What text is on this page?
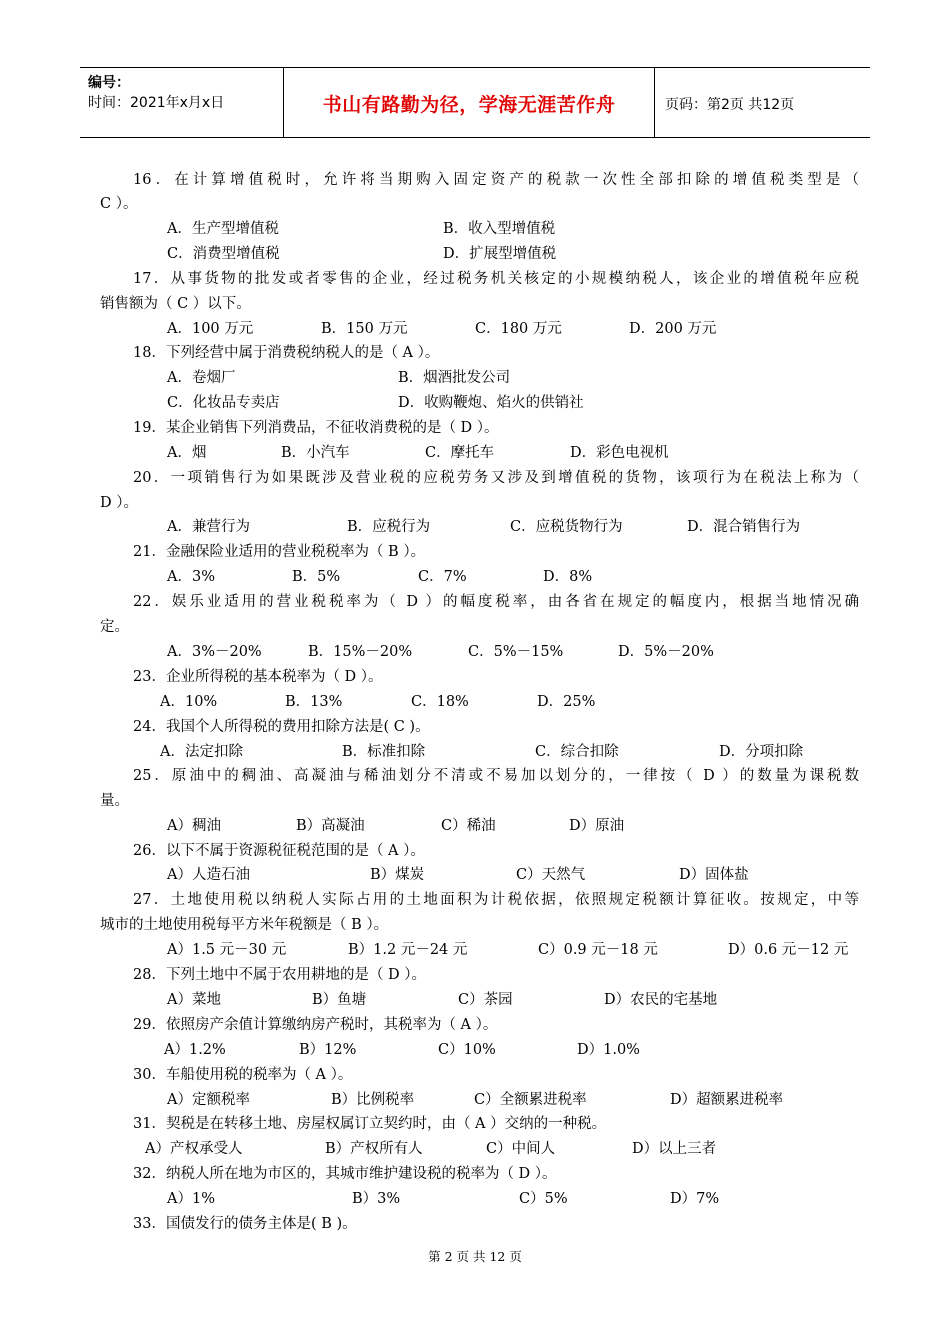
编号：
时间：2021年x月x日	书山有路勤为径，学海无涯苦作舟	页码：第2页 共12页
16．在计算增值税时，允许将当期购入固定资产的税款一次性全部扣除的增值税类型是（
C ）。
A．生产型增值税	B．收入型增值税
C．消费型增值税	D．扩展型增值税
17．从事货物的批发或者零售的企业，经过税务机关核定的小规模纳税人，该企业的增值税年应税
销售额为（ C ）以下。
A．100 万元	B．150 万元	C．180 万元	D．200 万元
18．下列经营中属于消费税纳税人的是（ A ）。
A．卷烟厂	B．烟酒批发公司
C．化妆品专卖店	D．收购鞭炮、焰火的供销社
19．某企业销售下列消费品，不征收消费税的是（ D ）。
A．烟	B．小汽车	C．摩托车	D．彩色电视机
20．一项销售行为如果既涉及营业税的应税劳务又涉及到增值税的货物，该项行为在税法上称为（
D ）。
A．兼营行为	B．应税行为	C．应税货物行为	D．混合销售行为
21．金融保险业适用的营业税税率为（ B ）。
A．3%	B．5%	C．7%	D．8%
22．娱乐业适用的营业税税率为（ D ）的幅度税率，由各省在规定的幅度内，根据当地情况确
定。
A．3%－20%	B．15%－20%	C．5%－15%	D．5%－20%
23．企业所得税的基本税率为（ D ）。
A．10%	B．13%	C．18%	D．25%
24．我国个人所得税的费用扣除方法是( C )。
A．法定扣除	B．标准扣除	C．综合扣除	D．分项扣除
25．原油中的稠油、高凝油与稀油划分不清或不易加以划分的，一律按（ D ）的数量为课税数
量。
A）稠油	B）高凝油	C）稀油	D）原油
26．以下不属于资源税征税范围的是（ A ）。
A）人造石油	B）煤炭	C）天然气	D）固体盐
27．土地使用税以纳税人实际占用的土地面积为计税依据，依照规定税额计算征收。按规定，中等
城市的土地使用税每平方米年税额是（ B ）。
A）1.5 元－30 元	B）1.2 元－24 元	C）0.9 元－18 元	D）0.6 元－12 元
28．下列土地中不属于农用耕地的是（ D ）。
A）菜地	B）鱼塘	C）茶园	D）农民的宅基地
29．依照房产余值计算缴纳房产税时，其税率为（ A ）。
A）1.2%	B）12%	C）10%	D）1.0%
30．车船使用税的税率为（ A ）。
A）定额税率	B）比例税率	C）全额累进税率	D）超额累进税率
31．契税是在转移土地、房屋权属订立契约时，由（ A ）交纳的一种税。
A）产权承受人	B）产权所有人	C）中间人	D）以上三者
32．纳税人所在地为市区的，其城市维护建设税的税率为（ D ）。
A）1%	B）3%	C）5%	D）7%
33．国债发行的债务主体是( B )。
第 2 页 共 12 页
